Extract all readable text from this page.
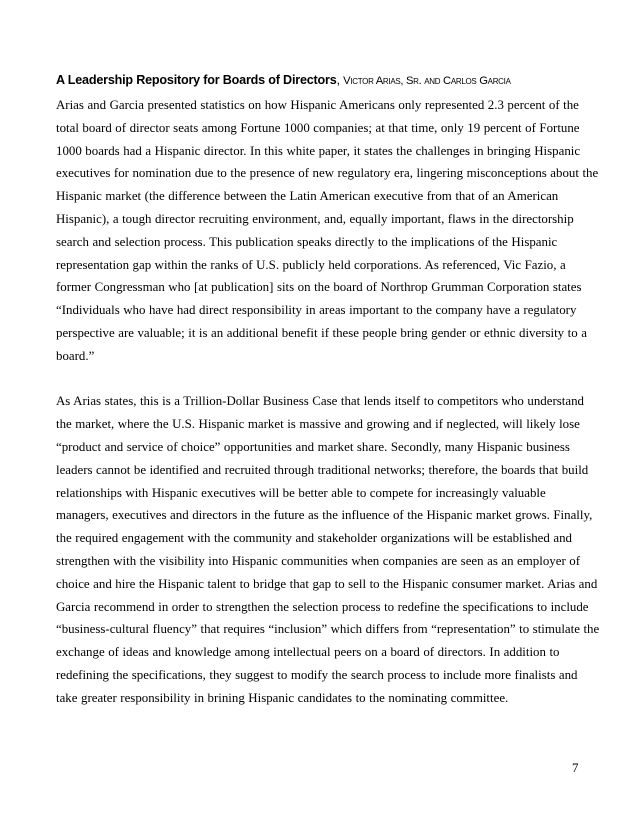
A Leadership Repository for Boards of Directors, Victor Arias, Sr. and Carlos Garcia

Arias and Garcia presented statistics on how Hispanic Americans only represented 2.3 percent of the
total board of director seats among Fortune 1000 companies; at that time, only 19 percent of Fortune
1000 boards had a Hispanic director. In this white paper, it states the challenges in bringing Hispanic
executives for nomination due to the presence of new regulatory era, lingering misconceptions about the
Hispanic market (the difference between the Latin American executive from that of an American
Hispanic), a tough director recruiting environment, and, equally important, flaws in the directorship
search and selection process. This publication speaks directly to the implications of the Hispanic
representation gap within the ranks of U.S. publicly held corporations. As referenced, Vic Fazio, a
former Congressman who [at publication] sits on the board of Northrop Grumman Corporation states
“Individuals who have had direct responsibility in areas important to the company have a regulatory
perspective are valuable; it is an additional benefit if these people bring gender or ethnic diversity to a
board.”

As Arias states, this is a Trillion-Dollar Business Case that lends itself to competitors who understand
the market, where the U.S. Hispanic market is massive and growing and if neglected, will likely lose
“product and service of choice” opportunities and market share. Secondly, many Hispanic business
leaders cannot be identified and recruited through traditional networks; therefore, the boards that build
relationships with Hispanic executives will be better able to compete for increasingly valuable
managers, executives and directors in the future as the influence of the Hispanic market grows. Finally,
the required engagement with the community and stakeholder organizations will be established and
strengthen with the visibility into Hispanic communities when companies are seen as an employer of
choice and hire the Hispanic talent to bridge that gap to sell to the Hispanic consumer market. Arias and
Garcia recommend in order to strengthen the selection process to redefine the specifications to include
“business-cultural fluency” that requires “inclusion” which differs from “representation” to stimulate the
exchange of ideas and knowledge among intellectual peers on a board of directors. In addition to
redefining the specifications, they suggest to modify the search process to include more finalists and
take greater responsibility in brining Hispanic candidates to the nominating committee.

7
